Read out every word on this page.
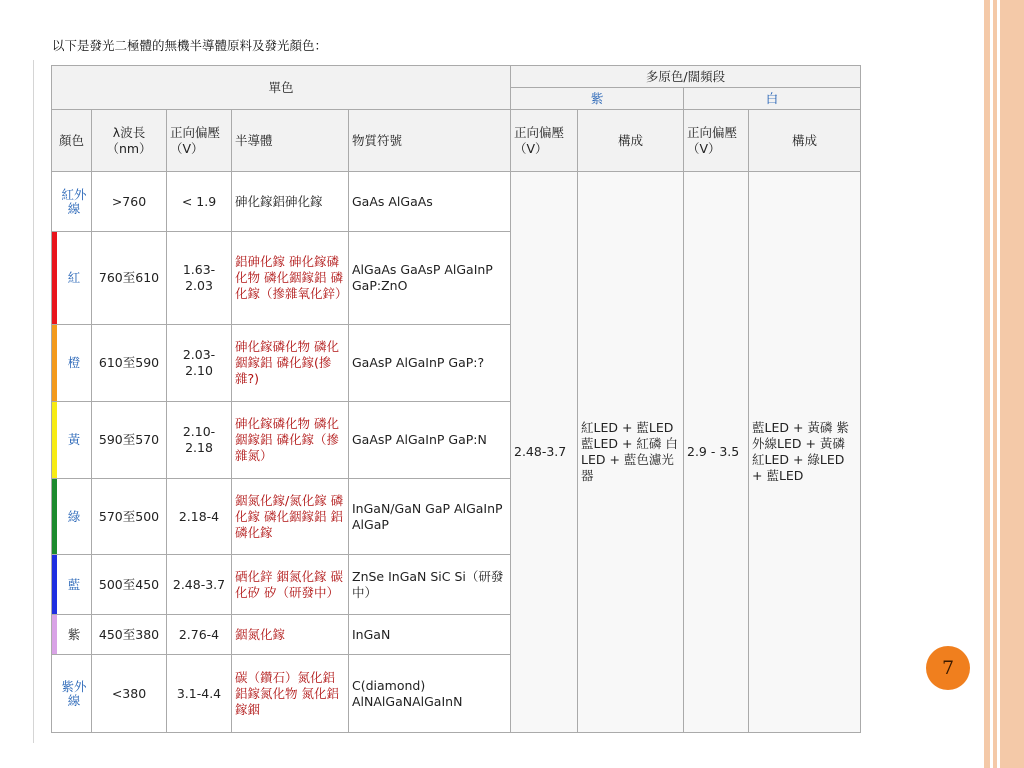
以下是發光二極體的無機半導體原料及發光顏色：
單色					多原色/闊頻段			
					紫		白	
顏色	λ波長（nm）	正向偏壓（V）	半導體	物質符號	正向偏壓（V）	構成	正向偏壓（V）	構成

紅外線	>760	< 1.9	砷化鎵鋁砷化鎵	GaAs AlGaAs	2.48-3.7	紅LED + 藍LED 藍LED + 紅磷 白LED + 藍色濾光器	2.9 - 3.5	藍LED + 黃磷 紫外線LED + 黃磷 紅LED + 綠LED + 藍LED

紅	760至610	1.63-2.03	鋁砷化鎵 砷化鎵磷化物 磷化銦鎵鋁 磷化鎵（摻雜氧化鋅）	AlGaAs GaAsP AlGaInP GaP:ZnO				

橙	610至590	2.03-2.10	砷化鎵磷化物 磷化銦鎵鋁 磷化鎵(摻雜?)	GaAsP AlGaInP GaP:?				

黃	590至570	2.10-2.18	砷化鎵磷化物 磷化銦鎵鋁 磷化鎵（摻雜氮）	GaAsP AlGaInP GaP:N				

綠	570至500	2.18-4	銦氮化鎵/氮化鎵 磷化鎵 磷化銦鎵鋁 鋁磷化鎵	InGaN/GaN GaP AlGaInP AlGaP				

藍	500至450	2.48-3.7	硒化鋅 銦氮化鎵 碳化矽 矽（研發中）	ZnSe InGaN SiC Si（研發中）				

紫	450至380	2.76-4	銦氮化鎵	InGaN				

紫外線	<380	3.1-4.4	碳（鑽石）氮化鋁 鋁鎵氮化物 氮化鋁鎵銦	C(diamond) AlNAlGaNAlGaInN				
7
